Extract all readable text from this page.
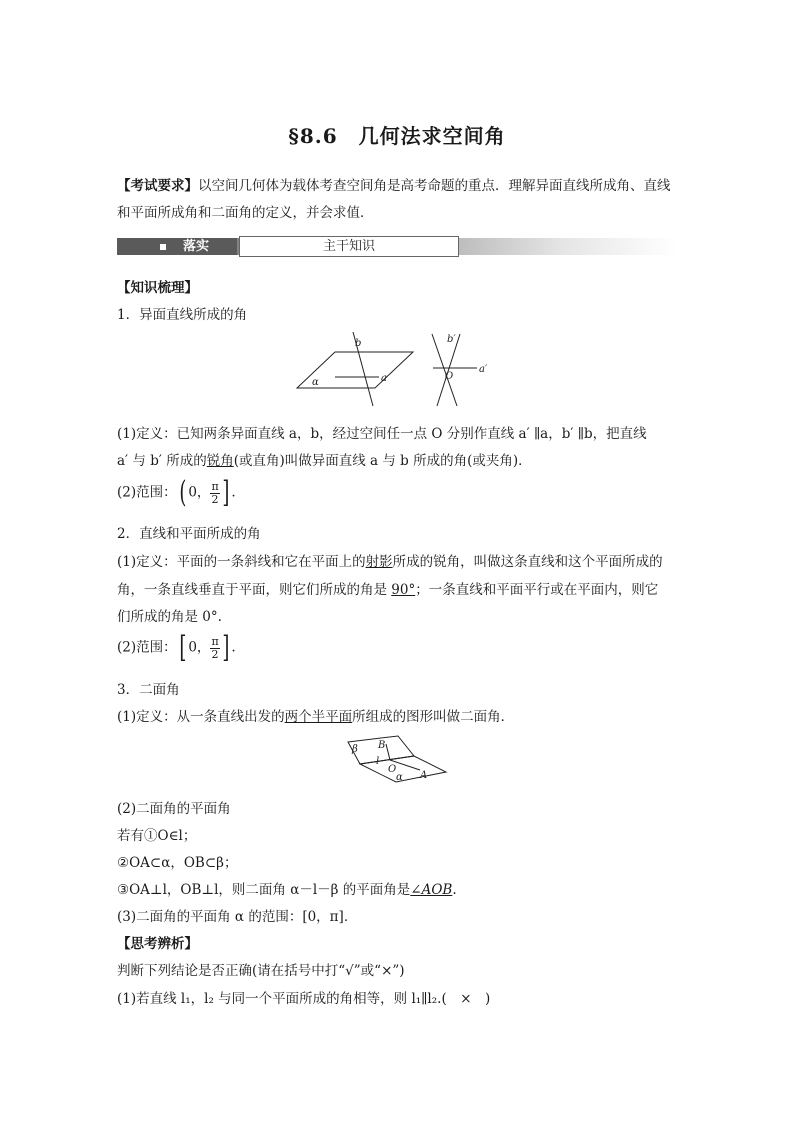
§8.6　几何法求空间角
【考试要求】以空间几何体为载体考查空间角是高考命题的重点．理解异面直线所成角、直线
和平面所成角和二面角的定义，并会求值．
落实	主干知识
【知识梳理】
1．异面直线所成的角
b
α	a
b′
a′
O
(1)定义：已知两条异面直线 a，b，经过空间任一点 O 分别作直线 a′ ∥a，b′ ∥b，把直线
a′ 与 b′ 所成的锐角(或直角)叫做异面直线 a 与 b 所成的角(或夹角)．
(2)范围：( 0， $\frac{\pi}{2}$ ] .
2．直线和平面所成的角
(1)定义：平面的一条斜线和它在平面上的射影所成的锐角，叫做这条直线和这个平面所成的
角，一条直线垂直于平面，则它们所成的角是 90°；一条直线和平面平行或在平面内，则它
们所成的角是 0°.
(2)范围：[ 0， $\frac{\pi}{2}$ ] .
3．二面角
(1)定义：从一条直线出发的两个半平面所组成的图形叫做二面角．
β B
l
O
A
α
(2)二面角的平面角
若有①O∈l；
②OA⊂α，OB⊂β；
③OA⊥l，OB⊥l，则二面角 α－l－β 的平面角是∠AOB.
(3)二面角的平面角 α 的范围：[0，π]．
【思考辨析】
判断下列结论是否正确(请在括号中打“√”或“×”)
(1)若直线 l₁，l₂ 与同一个平面所成的角相等，则 l₁∥l₂.(　×　)
